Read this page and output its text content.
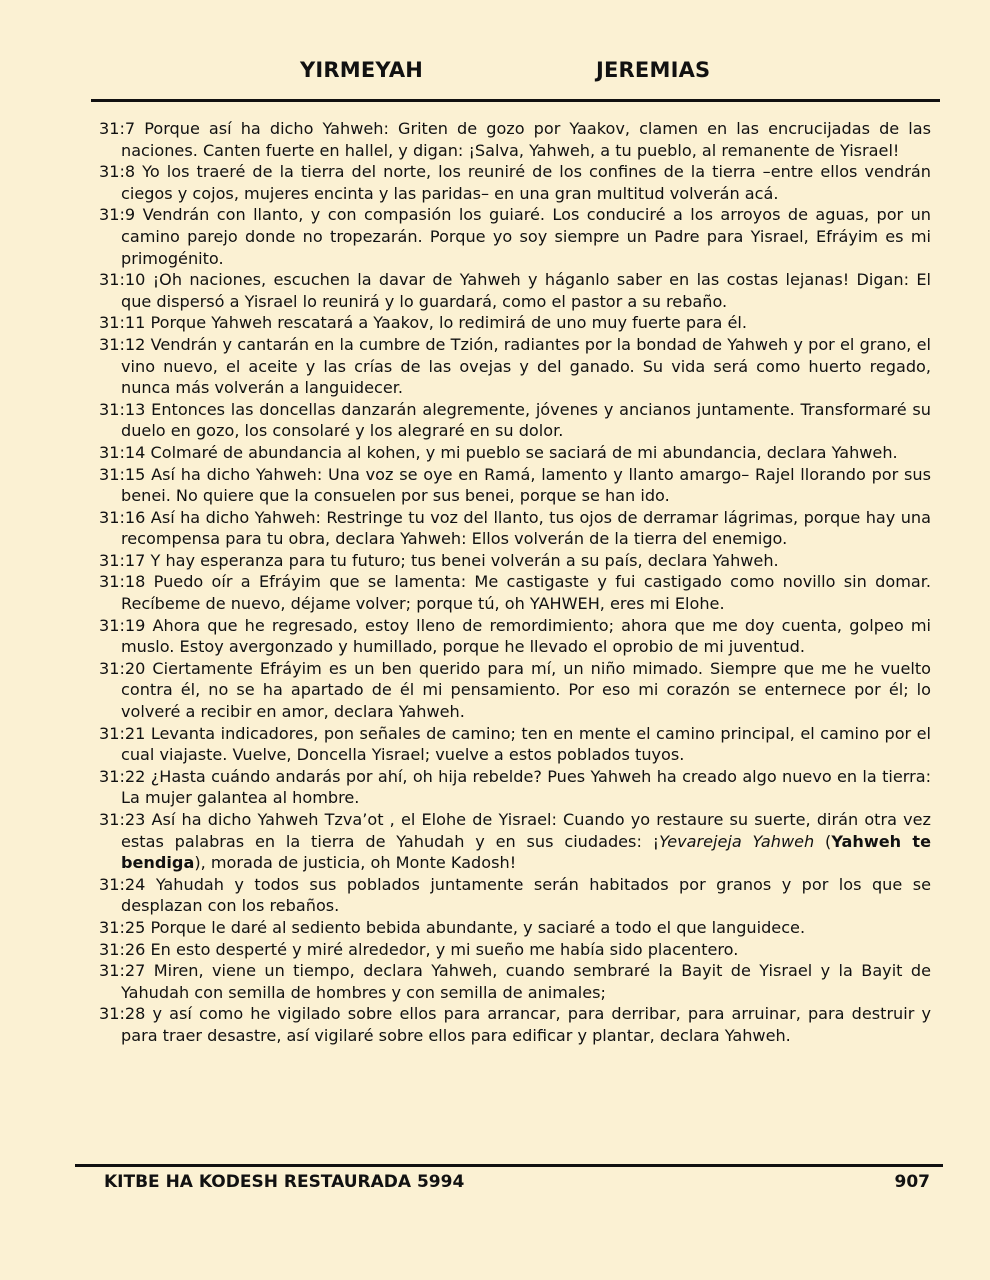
YIRMEYAH	JEREMIAS

31:7 Porque así ha dicho Yahweh: Griten de gozo por Yaakov, clamen en las encrucijadas de las naciones. Canten fuerte en hallel, y digan: ¡Salva, Yahweh, a tu pueblo, al remanente de Yisrael!

31:8 Yo los traeré de la tierra del norte, los reuniré de los confines de la tierra –entre ellos vendrán ciegos y cojos, mujeres encinta y las paridas– en una gran multitud volverán acá.

31:9 Vendrán con llanto, y con compasión los guiaré. Los conduciré a los arroyos de aguas, por un camino parejo donde no tropezarán. Porque yo soy siempre un Padre para Yisrael, Efráyim es mi primogénito.

31:10 ¡Oh naciones, escuchen la davar de Yahweh y háganlo saber en las costas lejanas! Digan: El que dispersó a Yisrael lo reunirá y lo guardará, como el pastor a su rebaño.

31:11 Porque Yahweh rescatará a Yaakov, lo redimirá de uno muy fuerte para él.

31:12 Vendrán y cantarán en la cumbre de Tzión, radiantes por la bondad de Yahweh y por el grano, el vino nuevo, el aceite y las crías de las ovejas y del ganado. Su vida será como huerto regado, nunca más volverán a languidecer.

31:13 Entonces las doncellas danzarán alegremente, jóvenes y ancianos juntamente. Transformaré su duelo en gozo, los consolaré y los alegraré en su dolor.

31:14 Colmaré de abundancia al kohen, y mi pueblo se saciará de mi abundancia, declara Yahweh.

31:15 Así ha dicho Yahweh: Una voz se oye en Ramá, lamento y llanto amargo– Rajel llorando por sus benei. No quiere que la consuelen por sus benei, porque se han ido.

31:16 Así ha dicho Yahweh: Restringe tu voz del llanto, tus ojos de derramar lágrimas, porque hay una recompensa para tu obra, declara Yahweh: Ellos volverán de la tierra del enemigo.

31:17 Y hay esperanza para tu futuro; tus benei volverán a su país, declara Yahweh.

31:18 Puedo oír a Efráyim que se lamenta: Me castigaste y fui castigado como novillo sin domar. Recíbeme de nuevo, déjame volver; porque tú, oh YAHWEH, eres mi Elohe.

31:19 Ahora que he regresado, estoy lleno de remordimiento; ahora que me doy cuenta, golpeo mi muslo. Estoy avergonzado y humillado, porque he llevado el oprobio de mi juventud.

31:20 Ciertamente Efráyim es un ben querido para mí, un niño mimado. Siempre que me he vuelto contra él, no se ha apartado de él mi pensamiento. Por eso mi corazón se enternece por él; lo volveré a recibir en amor, declara Yahweh.

31:21 Levanta indicadores, pon señales de camino; ten en mente el camino principal, el camino por el cual viajaste. Vuelve, Doncella Yisrael; vuelve a estos poblados tuyos.

31:22 ¿Hasta cuándo andarás por ahí, oh hija rebelde? Pues Yahweh ha creado algo nuevo en la tierra: La mujer galantea al hombre.

31:23 Así ha dicho Yahweh Tzva’ot , el Elohe de Yisrael: Cuando yo restaure su suerte, dirán otra vez estas palabras en la tierra de Yahudah y en sus ciudades: ¡Yevarejeja Yahweh (Yahweh te bendiga), morada de justicia, oh Monte Kadosh!

31:24 Yahudah y todos sus poblados juntamente serán habitados por granos y por los que se desplazan con los rebaños.

31:25 Porque le daré al sediento bebida abundante, y saciaré a todo el que languidece.

31:26 En esto desperté y miré alrededor, y mi sueño me había sido placentero.

31:27 Miren, viene un tiempo, declara Yahweh, cuando sembraré la Bayit de Yisrael y la Bayit de Yahudah con semilla de hombres y con semilla de animales;

31:28 y así como he vigilado sobre ellos para arrancar, para derribar, para arruinar, para destruir y para traer desastre, así vigilaré sobre ellos para edificar y plantar, declara Yahweh.

KITBE HA KODESH RESTAURADA 5994	907
